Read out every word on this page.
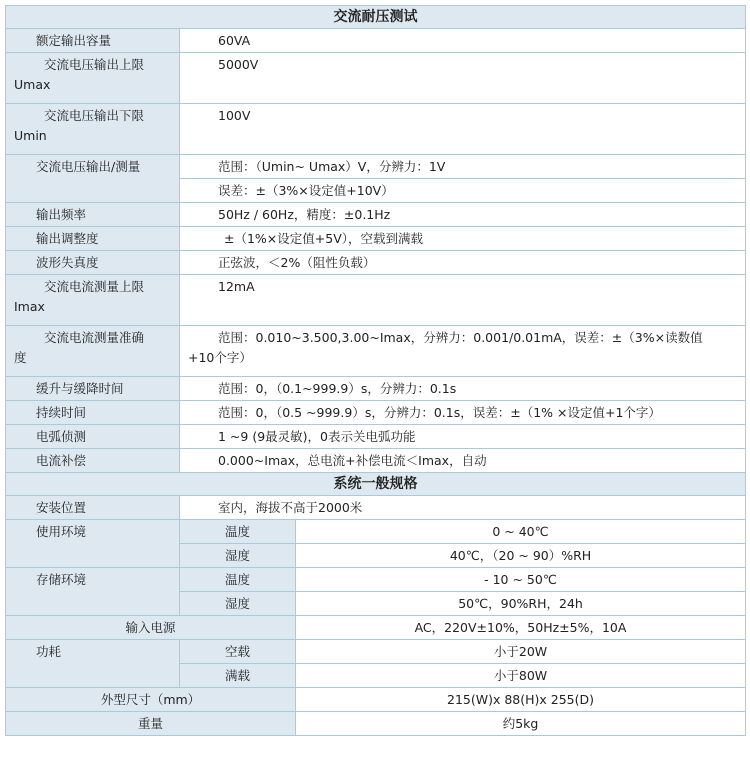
交流耐压测试		
额定输出容量	60VA	

交流电压输出上限
Umax	5000V	

交流电压输出下限
Umin	100V	
交流电压输出/测量	范围：（Umin~ Umax）V，分辨力：1V	
	误差：±（3%×设定值+10V）	
输出频率	50Hz / 60Hz，精度：±0.1Hz	
输出调整度	±（1%×设定值+5V），空载到满载	
波形失真度	正弦波，＜2%（阻性负载）	

交流电流测量上限
Imax	12mA	

交流电流测量准确
度	范围：0.010~3.500,3.00~Imax，分辨力：0.001/0.01mA，误差：±（3%×读数值
+10个字）	

缓升与缓降时间	范围：0，（0.1~999.9）s，分辨力：0.1s	
持续时间	范围：0，（0.5 ~999.9）s，分辨力：0.1s，误差：±（1% ×设定值+1个字）	
电弧侦测	1 ~9 (9最灵敏)，0表示关电弧功能	
电流补偿	0.000~Imax，总电流+补偿电流＜Imax，自动	
系统一般规格		
安装位置	室内，海拔不高于2000米	
使用环境	温度	0 ~ 40℃
	湿度	40℃，（20 ~ 90）%RH
存储环境	温度	- 10 ~ 50℃
	湿度	50℃，90%RH，24h
输入电源		AC，220V±10%，50Hz±5%，10A
功耗	空载	小于20W
	满载	小于80W
外型尺寸（mm）		215(W)x 88(H)x 255(D)
重量		约5kg
